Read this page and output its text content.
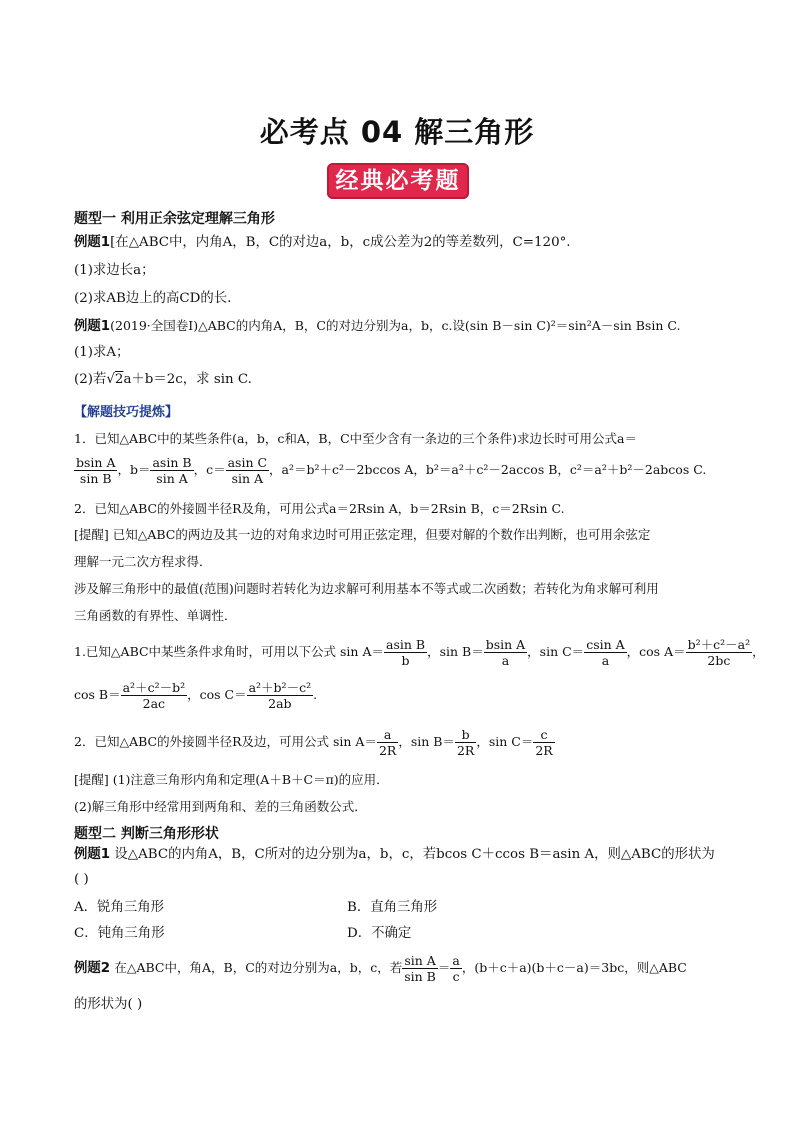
必考点 04 解三角形
经典必考题
题型一 利用正余弦定理解三角形
例题1[在△ABC中，内角A，B，C的对边a，b，c成公差为2的等差数列，C=120°.
(1)求边长a；
(2)求AB边上的高CD的长．
例题1(2019·全国卷Ⅰ)△ABC的内角A，B，C的对边分别为a，b，c.设(sin B－sin C)²＝sin²A－sin Bsin C.
(1)求A；
(2)若√2a＋b＝2c，求 sin C.
【解题技巧提炼】
1．已知△ABC中的某些条件(a，b，c和A，B，C中至少含有一条边的三个条件)求边长时可用公式a＝
$\frac{\text{bsin A}}{\text{sin B}}$ ，$b= \frac{\text{asin B}}{\text{sin A}}$ ，$c= \frac{\text{asin C}}{\text{sin A}}$ ，a²＝b²＋c²－2bccos A，b²＝a²＋c²－2accos B，c²＝a²＋b²－2abcos C.
2．已知△ABC的外接圆半径R及角，可用公式a＝2Rsin A，b＝2Rsin B，c＝2Rsin C.
[提醒] 已知△ABC的两边及其一边的对角求边时可用正弦定理，但要对解的个数作出判断，也可用余弦定
理解一元二次方程求得．
涉及解三角形中的最值(范围)问题时若转化为边求解可利用基本不等式或二次函数；若转化为角求解可利用
三角函数的有界性、单调性．
1.已知△ABC中某些条件求角时，可用以下公式 $\sin A= \frac{\text{asin B}}{b}$ ，$\sin B= \frac{\text{bsin A}}{a}$ ，$\sin C= \frac{\text{csin A}}{a}$ ，$\cos A= \frac{\text{b²＋c²－a²}}{2bc}$ ，
$\cos B= \frac{\text{a²＋c²－b²}}{2ac}$ ，$\cos C= \frac{\text{a²＋b²－c²}}{2ab}$ .
2．已知△ABC的外接圆半径R及边，可用公式 $\sin A= \frac{a}{2R}$ ，$\sin B= \frac{b}{2R}$ ，$\sin C= \frac{c}{2R}$
[提醒] (1)注意三角形内角和定理(A＋B＋C＝π)的应用．
(2)解三角形中经常用到两角和、差的三角函数公式．
题型二 判断三角形形状
例题1 设△ABC的内角A，B，C所对的边分别为a，b，c，若bcos C＋ccos B＝asin A，则△ABC的形状为
( )
A．锐角三角形	B．直角三角形
C．钝角三角形	D．不确定
例题2 在△ABC中，角A，B，C的对边分别为a，b，c，若 $\frac{\text{sin A}}{\text{sin B}} = \frac{a}{c}$ ，(b＋c＋a)(b＋c－a)＝3bc，则△ABC
的形状为( )
